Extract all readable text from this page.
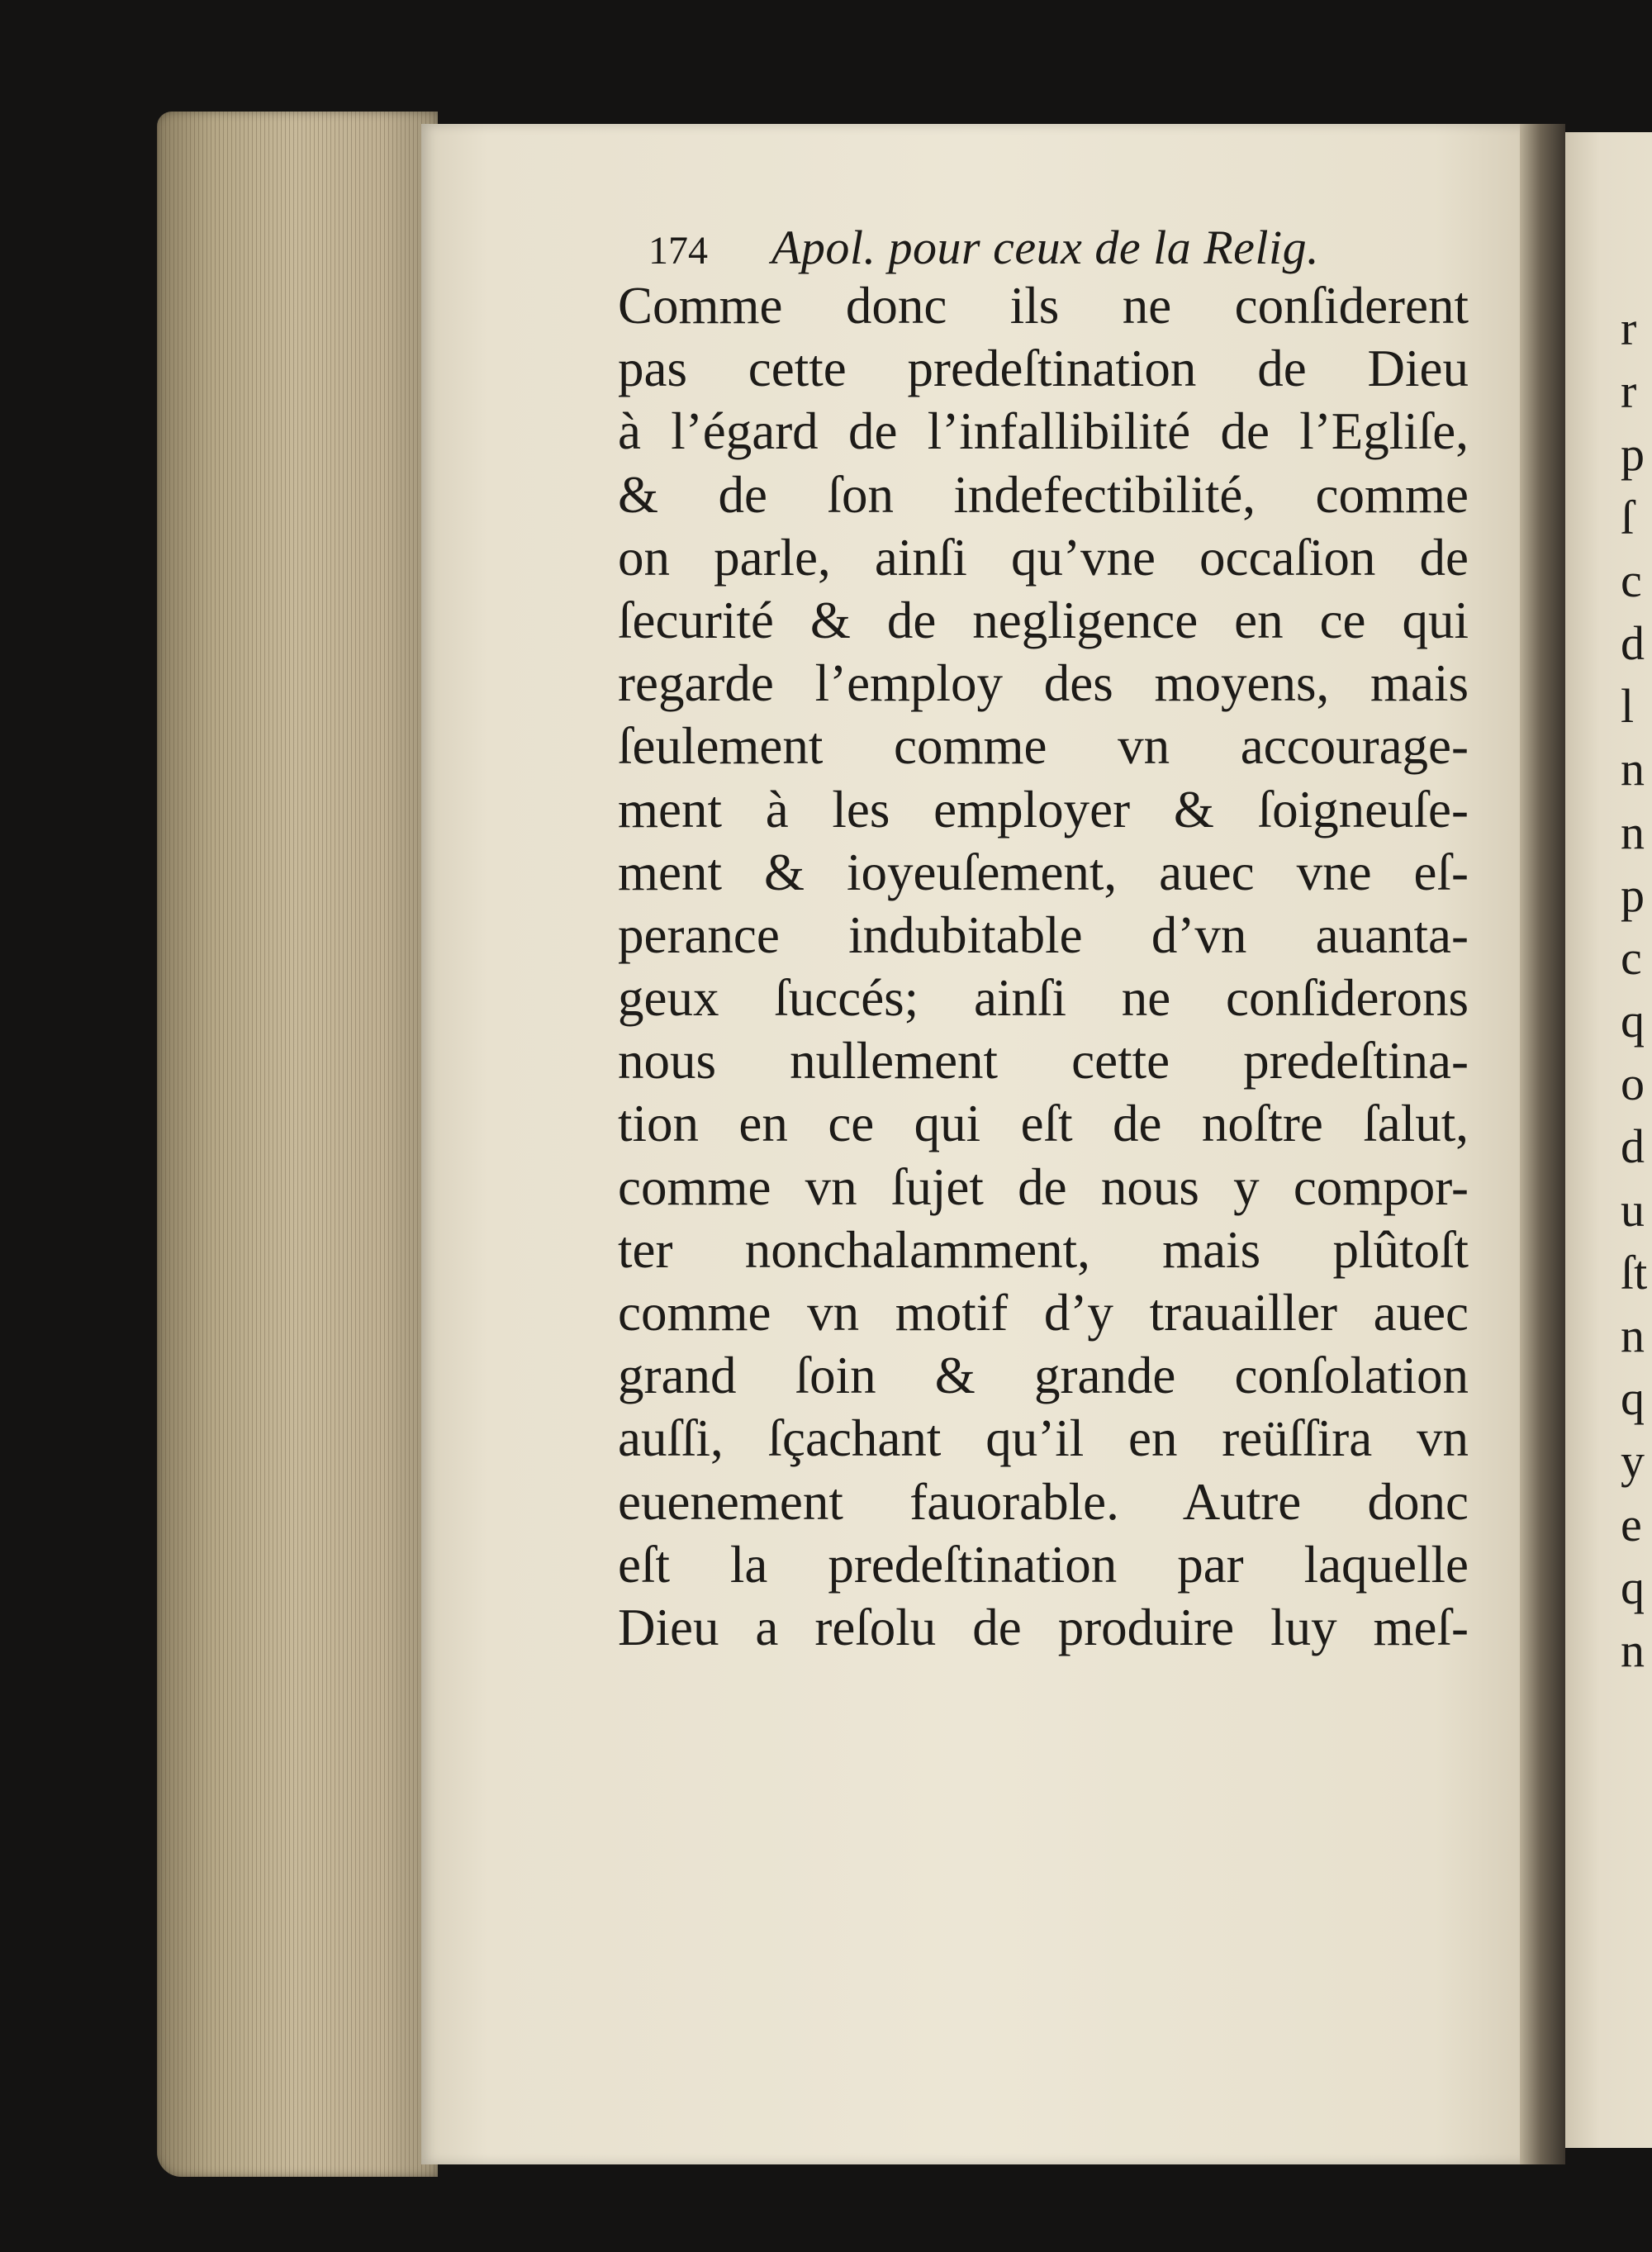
174 Apol. pour ceux de la Relig.
Comme donc ils ne conſiderent
pas cette predeſtination de Dieu
à l’égard de l’infallibilité de l’Egliſe,
& de ſon indefectibilité, comme
on parle, ainſi qu’vne occaſion de
ſecurité & de negligence en ce qui
regarde l’employ des moyens, mais
ſeulement comme vn accourage-
ment à les employer & ſoigneuſe-
ment & ioyeuſement, auec vne eſ-
perance indubitable d’vn auanta-
geux ſuccés; ainſi ne conſiderons
nous nullement cette predeſtina-
tion en ce qui eſt de noſtre ſalut,
comme vn ſujet de nous y compor-
ter nonchalamment, mais plûtoſt
comme vn motif d’y trauailler auec
grand ſoin & grande conſolation
auſſi, ſçachant qu’il en reüſſira vn
euenement fauorable. Autre donc
eſt la predeſtination par laquelle
Dieu a reſolu de produire luy meſ-
r
r
p
ſ
c
d
l
n
n
p
c
q
o
d
u
ſt
n
q
y
e
q
n
